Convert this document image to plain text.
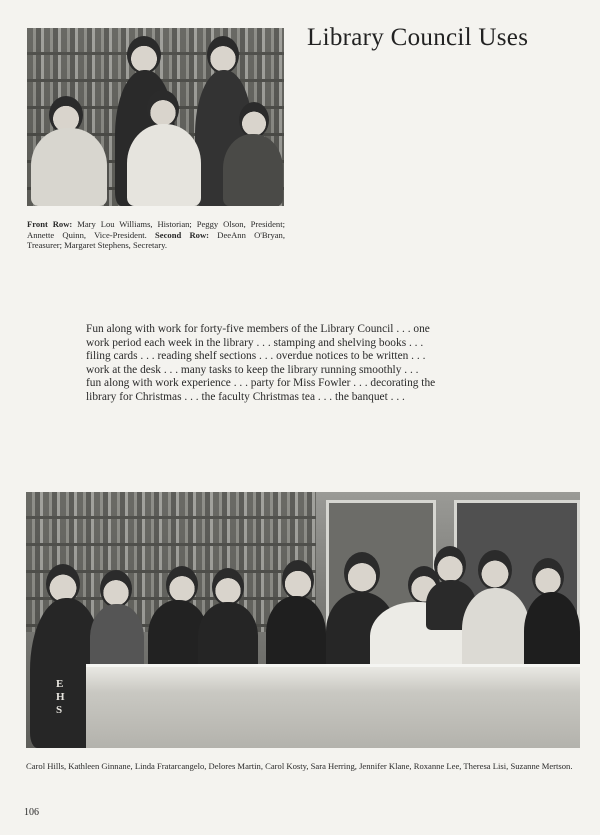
Library Council Uses
Front Row: Mary Lou Williams, Historian; Peggy Olson, President; Annette Quinn, Vice-President. Second Row: DeeAnn O'Bryan, Treasurer; Margaret Stephens, Secretary.
Fun along with work for forty-five members of the Library Council . . . one
work period each week in the library . . . stamping and shelving books . . .
filing cards . . . reading shelf sections . . . overdue notices to be written . . .
work at the desk . . . many tasks to keep the library running smoothly . . .
fun along with work experience . . . party for Miss Fowler . . . decorating the
library for Christmas . . . the faculty Christmas tea . . . the banquet . . .
EHS
Carol Hills, Kathleen Ginnane, Linda Fratarcangelo, Delores Martin, Carol Kosty, Sara Herring, Jennifer Klane, Roxanne Lee, Theresa Lisi, Suzanne Mertson.
106
